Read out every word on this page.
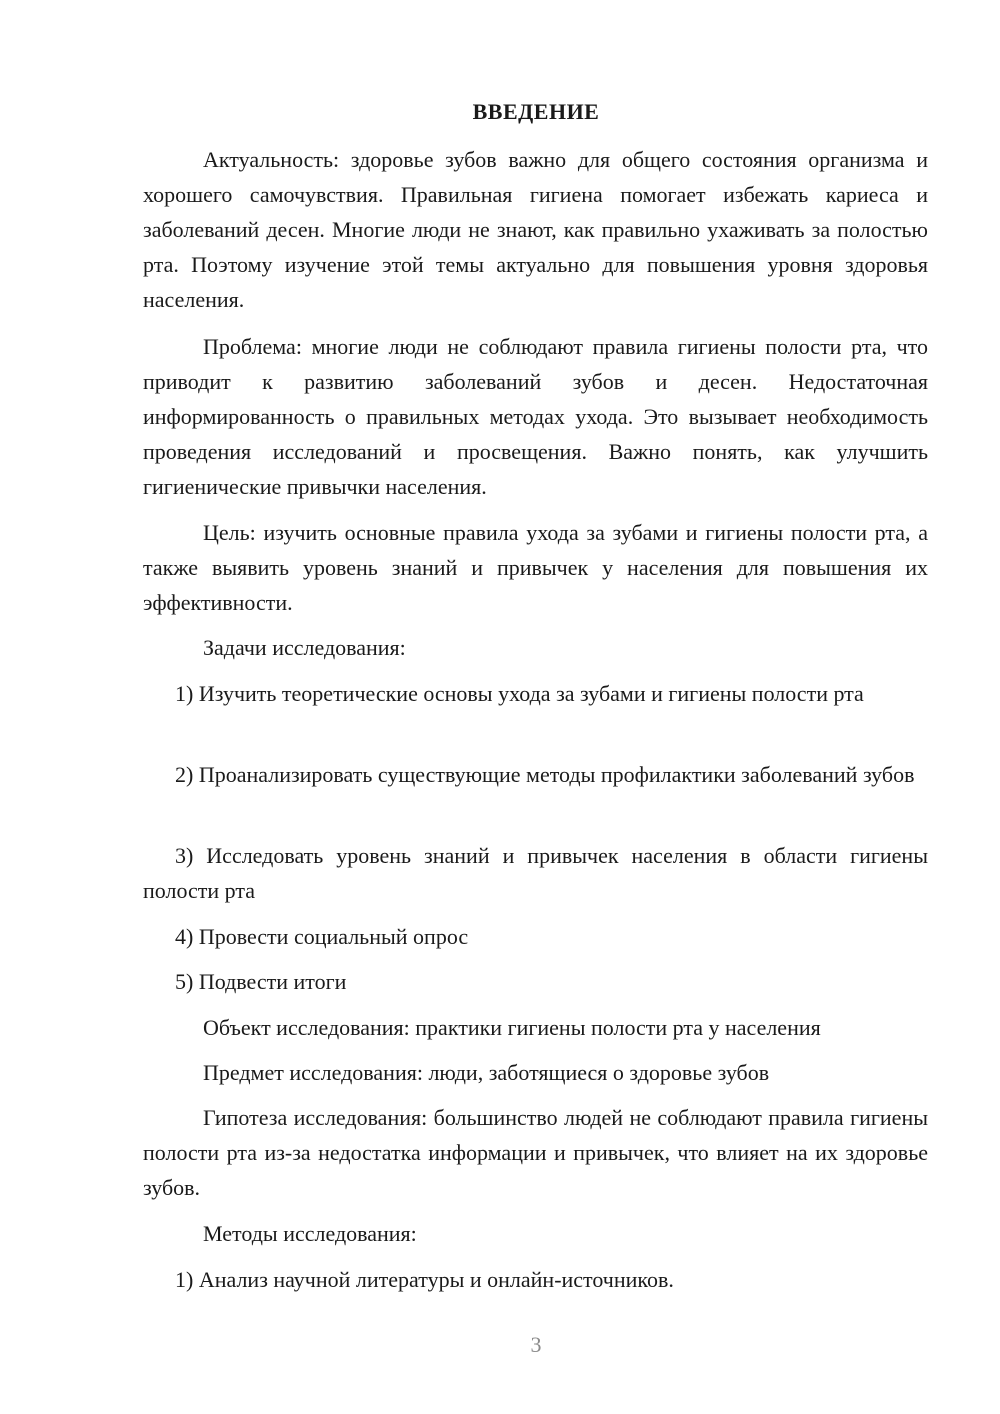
ВВЕДЕНИЕ

Актуальность: здоровье зубов важно для общего состояния организма и хорошего самочувствия. Правильная гигиена помогает избежать кариеса и заболеваний десен. Многие люди не знают, как правильно ухаживать за полостью рта. Поэтому изучение этой темы актуально для повышения уровня здоровья населения.

Проблема: многие люди не соблюдают правила гигиены полости рта, что приводит к развитию заболеваний зубов и десен. Недостаточная информированность о правильных методах ухода. Это вызывает необходимость проведения исследований и просвещения. Важно понять, как улучшить гигиенические привычки населения.

Цель: изучить основные правила ухода за зубами и гигиены полости рта, а также выявить уровень знаний и привычек у населения для повышения их эффективности.

Задачи исследования:

1) Изучить теоретические основы ухода за зубами и гигиены полости рта

2) Проанализировать существующие методы профилактики заболеваний зубов

3) Исследовать уровень знаний и привычек населения в области гигиены полости рта

4) Провести социальный опрос

5) Подвести итоги

Объект исследования: практики гигиены полости рта у населения

Предмет исследования: люди, заботящиеся о здоровье зубов

Гипотеза исследования: большинство людей не соблюдают правила гигиены полости рта из-за недостатка информации и привычек, что влияет на их здоровье зубов.

Методы исследования:

1) Анализ научной литературы и онлайн-источников.

3
